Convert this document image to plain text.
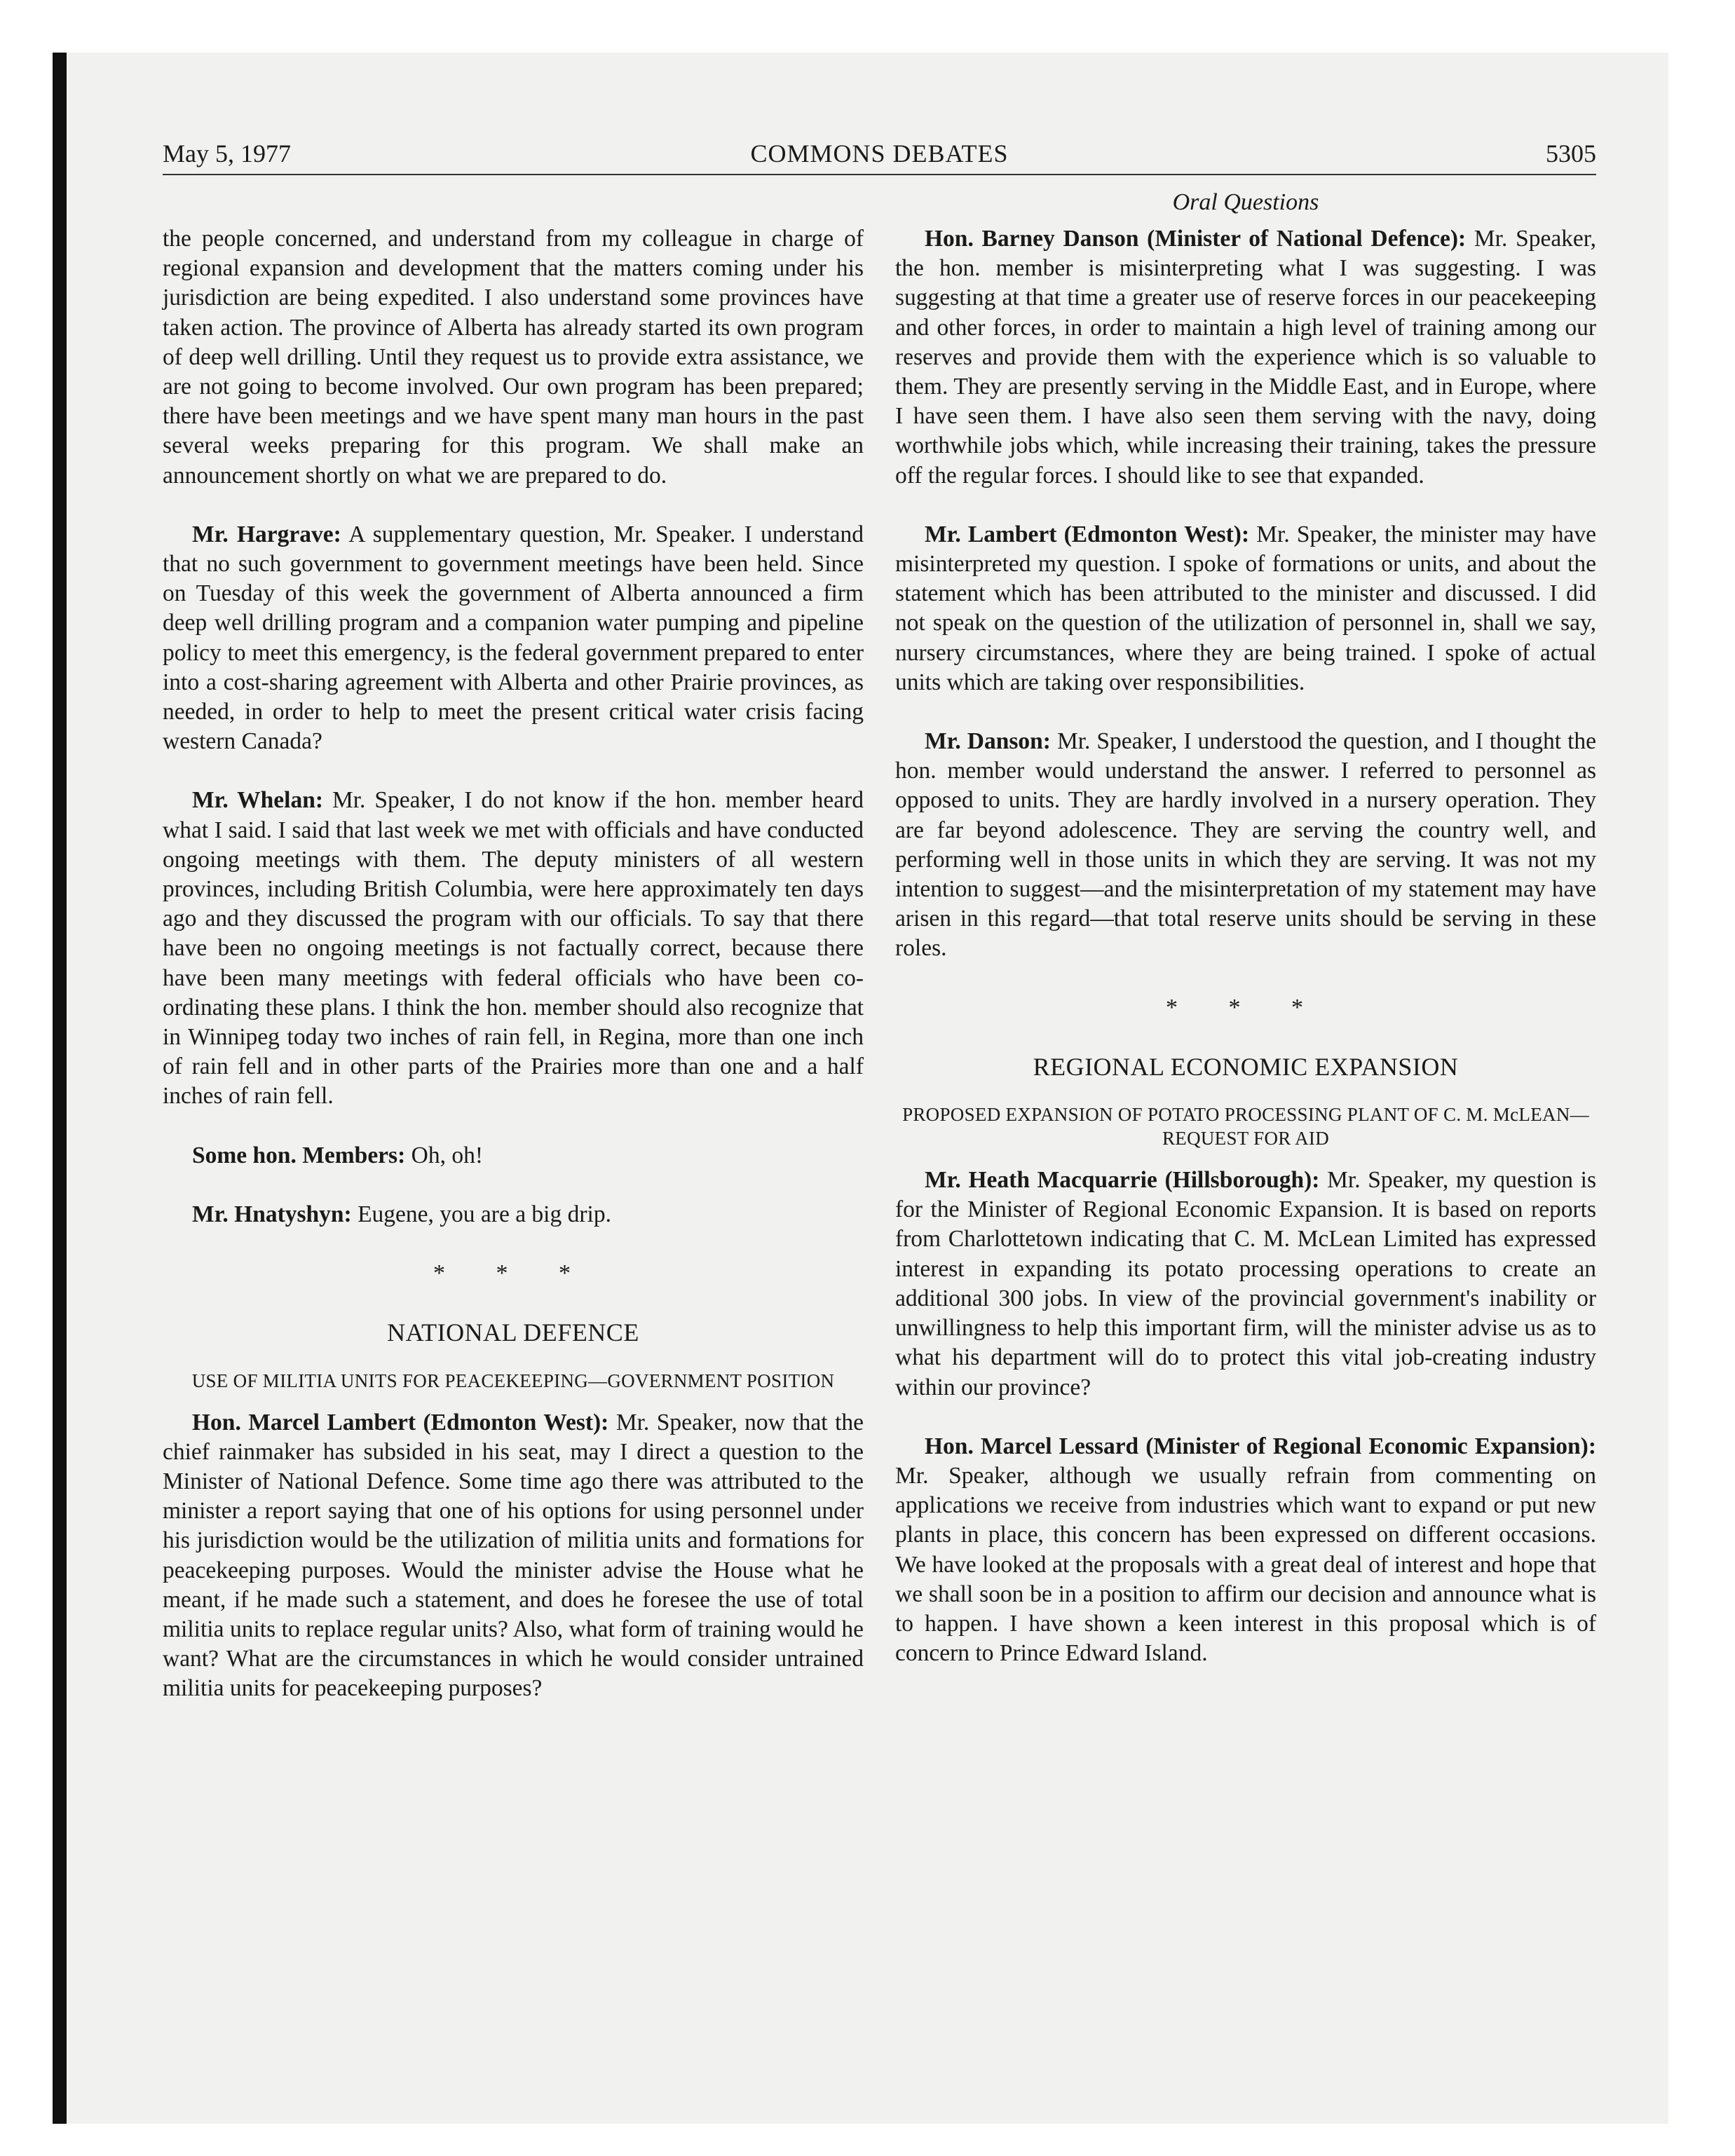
May 5, 1977	COMMONS DEBATES	5305

the people concerned, and understand from my colleague in charge of regional expansion and development that the matters coming under his jurisdiction are being expedited. I also understand some provinces have taken action. The province of Alberta has already started its own program of deep well drilling. Until they request us to provide extra assistance, we are not going to become involved. Our own program has been prepared; there have been meetings and we have spent many man hours in the past several weeks preparing for this program. We shall make an announcement shortly on what we are prepared to do.

Mr. Hargrave: A supplementary question, Mr. Speaker. I understand that no such government to government meetings have been held. Since on Tuesday of this week the government of Alberta announced a firm deep well drilling program and a companion water pumping and pipeline policy to meet this emergency, is the federal government prepared to enter into a cost-sharing agreement with Alberta and other Prairie provinces, as needed, in order to help to meet the present critical water crisis facing western Canada?

Mr. Whelan: Mr. Speaker, I do not know if the hon. member heard what I said. I said that last week we met with officials and have conducted ongoing meetings with them. The deputy ministers of all western provinces, including British Columbia, were here approximately ten days ago and they discussed the program with our officials. To say that there have been no ongoing meetings is not factually correct, because there have been many meetings with federal officials who have been co-ordinating these plans. I think the hon. member should also recognize that in Winnipeg today two inches of rain fell, in Regina, more than one inch of rain fell and in other parts of the Prairies more than one and a half inches of rain fell.

Some hon. Members: Oh, oh!

Mr. Hnatyshyn: Eugene, you are a big drip.

* * *
NATIONAL DEFENCE
USE OF MILITIA UNITS FOR PEACEKEEPING—GOVERNMENT POSITION

Hon. Marcel Lambert (Edmonton West): Mr. Speaker, now that the chief rainmaker has subsided in his seat, may I direct a question to the Minister of National Defence. Some time ago there was attributed to the minister a report saying that one of his options for using personnel under his jurisdiction would be the utilization of militia units and formations for peacekeeping purposes. Would the minister advise the House what he meant, if he made such a statement, and does he foresee the use of total militia units to replace regular units? Also, what form of training would he want? What are the circumstances in which he would consider untrained militia units for peacekeeping purposes?

Oral Questions

Hon. Barney Danson (Minister of National Defence): Mr. Speaker, the hon. member is misinterpreting what I was suggesting. I was suggesting at that time a greater use of reserve forces in our peacekeeping and other forces, in order to maintain a high level of training among our reserves and provide them with the experience which is so valuable to them. They are presently serving in the Middle East, and in Europe, where I have seen them. I have also seen them serving with the navy, doing worthwhile jobs which, while increasing their training, takes the pressure off the regular forces. I should like to see that expanded.

Mr. Lambert (Edmonton West): Mr. Speaker, the minister may have misinterpreted my question. I spoke of formations or units, and about the statement which has been attributed to the minister and discussed. I did not speak on the question of the utilization of personnel in, shall we say, nursery circumstances, where they are being trained. I spoke of actual units which are taking over responsibilities.

Mr. Danson: Mr. Speaker, I understood the question, and I thought the hon. member would understand the answer. I referred to personnel as opposed to units. They are hardly involved in a nursery operation. They are far beyond adolescence. They are serving the country well, and performing well in those units in which they are serving. It was not my intention to suggest—and the misinterpretation of my statement may have arisen in this regard—that total reserve units should be serving in these roles.

* * *
REGIONAL ECONOMIC EXPANSION
PROPOSED EXPANSION OF POTATO PROCESSING PLANT OF C. M. McLEAN—REQUEST FOR AID

Mr. Heath Macquarrie (Hillsborough): Mr. Speaker, my question is for the Minister of Regional Economic Expansion. It is based on reports from Charlottetown indicating that C. M. McLean Limited has expressed interest in expanding its potato processing operations to create an additional 300 jobs. In view of the provincial government's inability or unwillingness to help this important firm, will the minister advise us as to what his department will do to protect this vital job-creating industry within our province?

Hon. Marcel Lessard (Minister of Regional Economic Expansion): Mr. Speaker, although we usually refrain from commenting on applications we receive from industries which want to expand or put new plants in place, this concern has been expressed on different occasions. We have looked at the proposals with a great deal of interest and hope that we shall soon be in a position to affirm our decision and announce what is to happen. I have shown a keen interest in this proposal which is of concern to Prince Edward Island.
